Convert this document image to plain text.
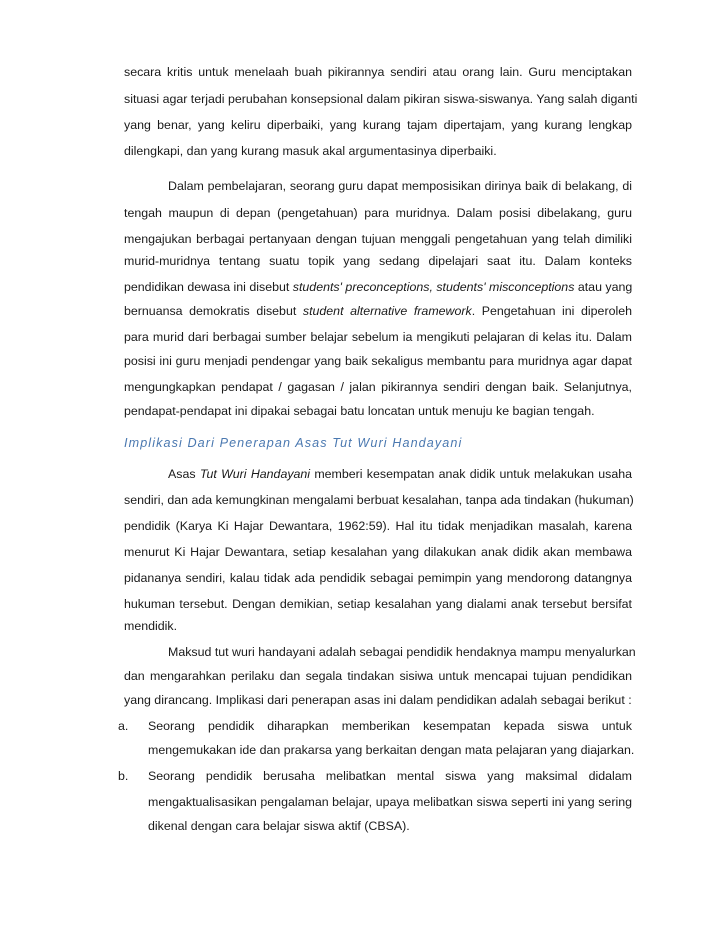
secara kritis untuk menelaah buah pikirannya sendiri atau orang lain. Guru menciptakan
situasi agar terjadi perubahan konsepsional dalam pikiran siswa-siswanya. Yang salah diganti
yang benar, yang keliru diperbaiki, yang kurang tajam dipertajam, yang kurang lengkap
dilengkapi, dan yang kurang masuk akal argumentasinya diperbaiki.
Dalam pembelajaran, seorang guru dapat memposisikan dirinya baik di belakang, di
tengah maupun di depan (pengetahuan) para muridnya. Dalam posisi dibelakang, guru
mengajukan berbagai pertanyaan dengan tujuan menggali pengetahuan yang telah dimiliki
murid-muridnya tentang suatu topik yang sedang dipelajari saat itu. Dalam konteks
pendidikan dewasa ini disebut students' preconceptions, students' misconceptions atau yang
bernuansa demokratis disebut student alternative framework. Pengetahuan ini diperoleh
para murid dari berbagai sumber belajar sebelum ia mengikuti pelajaran di kelas itu. Dalam
posisi ini guru menjadi pendengar yang baik sekaligus membantu para muridnya agar dapat
mengungkapkan pendapat / gagasan / jalan pikirannya sendiri dengan baik. Selanjutnya,
pendapat-pendapat ini dipakai sebagai batu loncatan untuk menuju ke bagian tengah.
Implikasi Dari Penerapan Asas Tut Wuri Handayani
Asas Tut Wuri Handayani memberi kesempatan anak didik untuk melakukan usaha
sendiri, dan ada kemungkinan mengalami berbuat kesalahan, tanpa ada tindakan (hukuman)
pendidik (Karya Ki Hajar Dewantara, 1962:59). Hal itu tidak menjadikan masalah, karena
menurut Ki Hajar Dewantara, setiap kesalahan yang dilakukan anak didik akan membawa
pidananya sendiri, kalau tidak ada pendidik sebagai pemimpin yang mendorong datangnya
hukuman tersebut. Dengan demikian, setiap kesalahan yang dialami anak tersebut bersifat
mendidik.
Maksud tut wuri handayani adalah sebagai pendidik hendaknya mampu menyalurkan
dan mengarahkan perilaku dan segala tindakan sisiwa untuk mencapai tujuan pendidikan
yang dirancang. Implikasi dari penerapan asas ini dalam pendidikan adalah sebagai berikut :
a. Seorang pendidik diharapkan memberikan kesempatan kepada siswa untuk
mengemukakan ide dan prakarsa yang berkaitan dengan mata pelajaran yang diajarkan.
b. Seorang pendidik berusaha melibatkan mental siswa yang maksimal didalam
mengaktualisasikan pengalaman belajar, upaya melibatkan siswa seperti ini yang sering
dikenal dengan cara belajar siswa aktif (CBSA).
